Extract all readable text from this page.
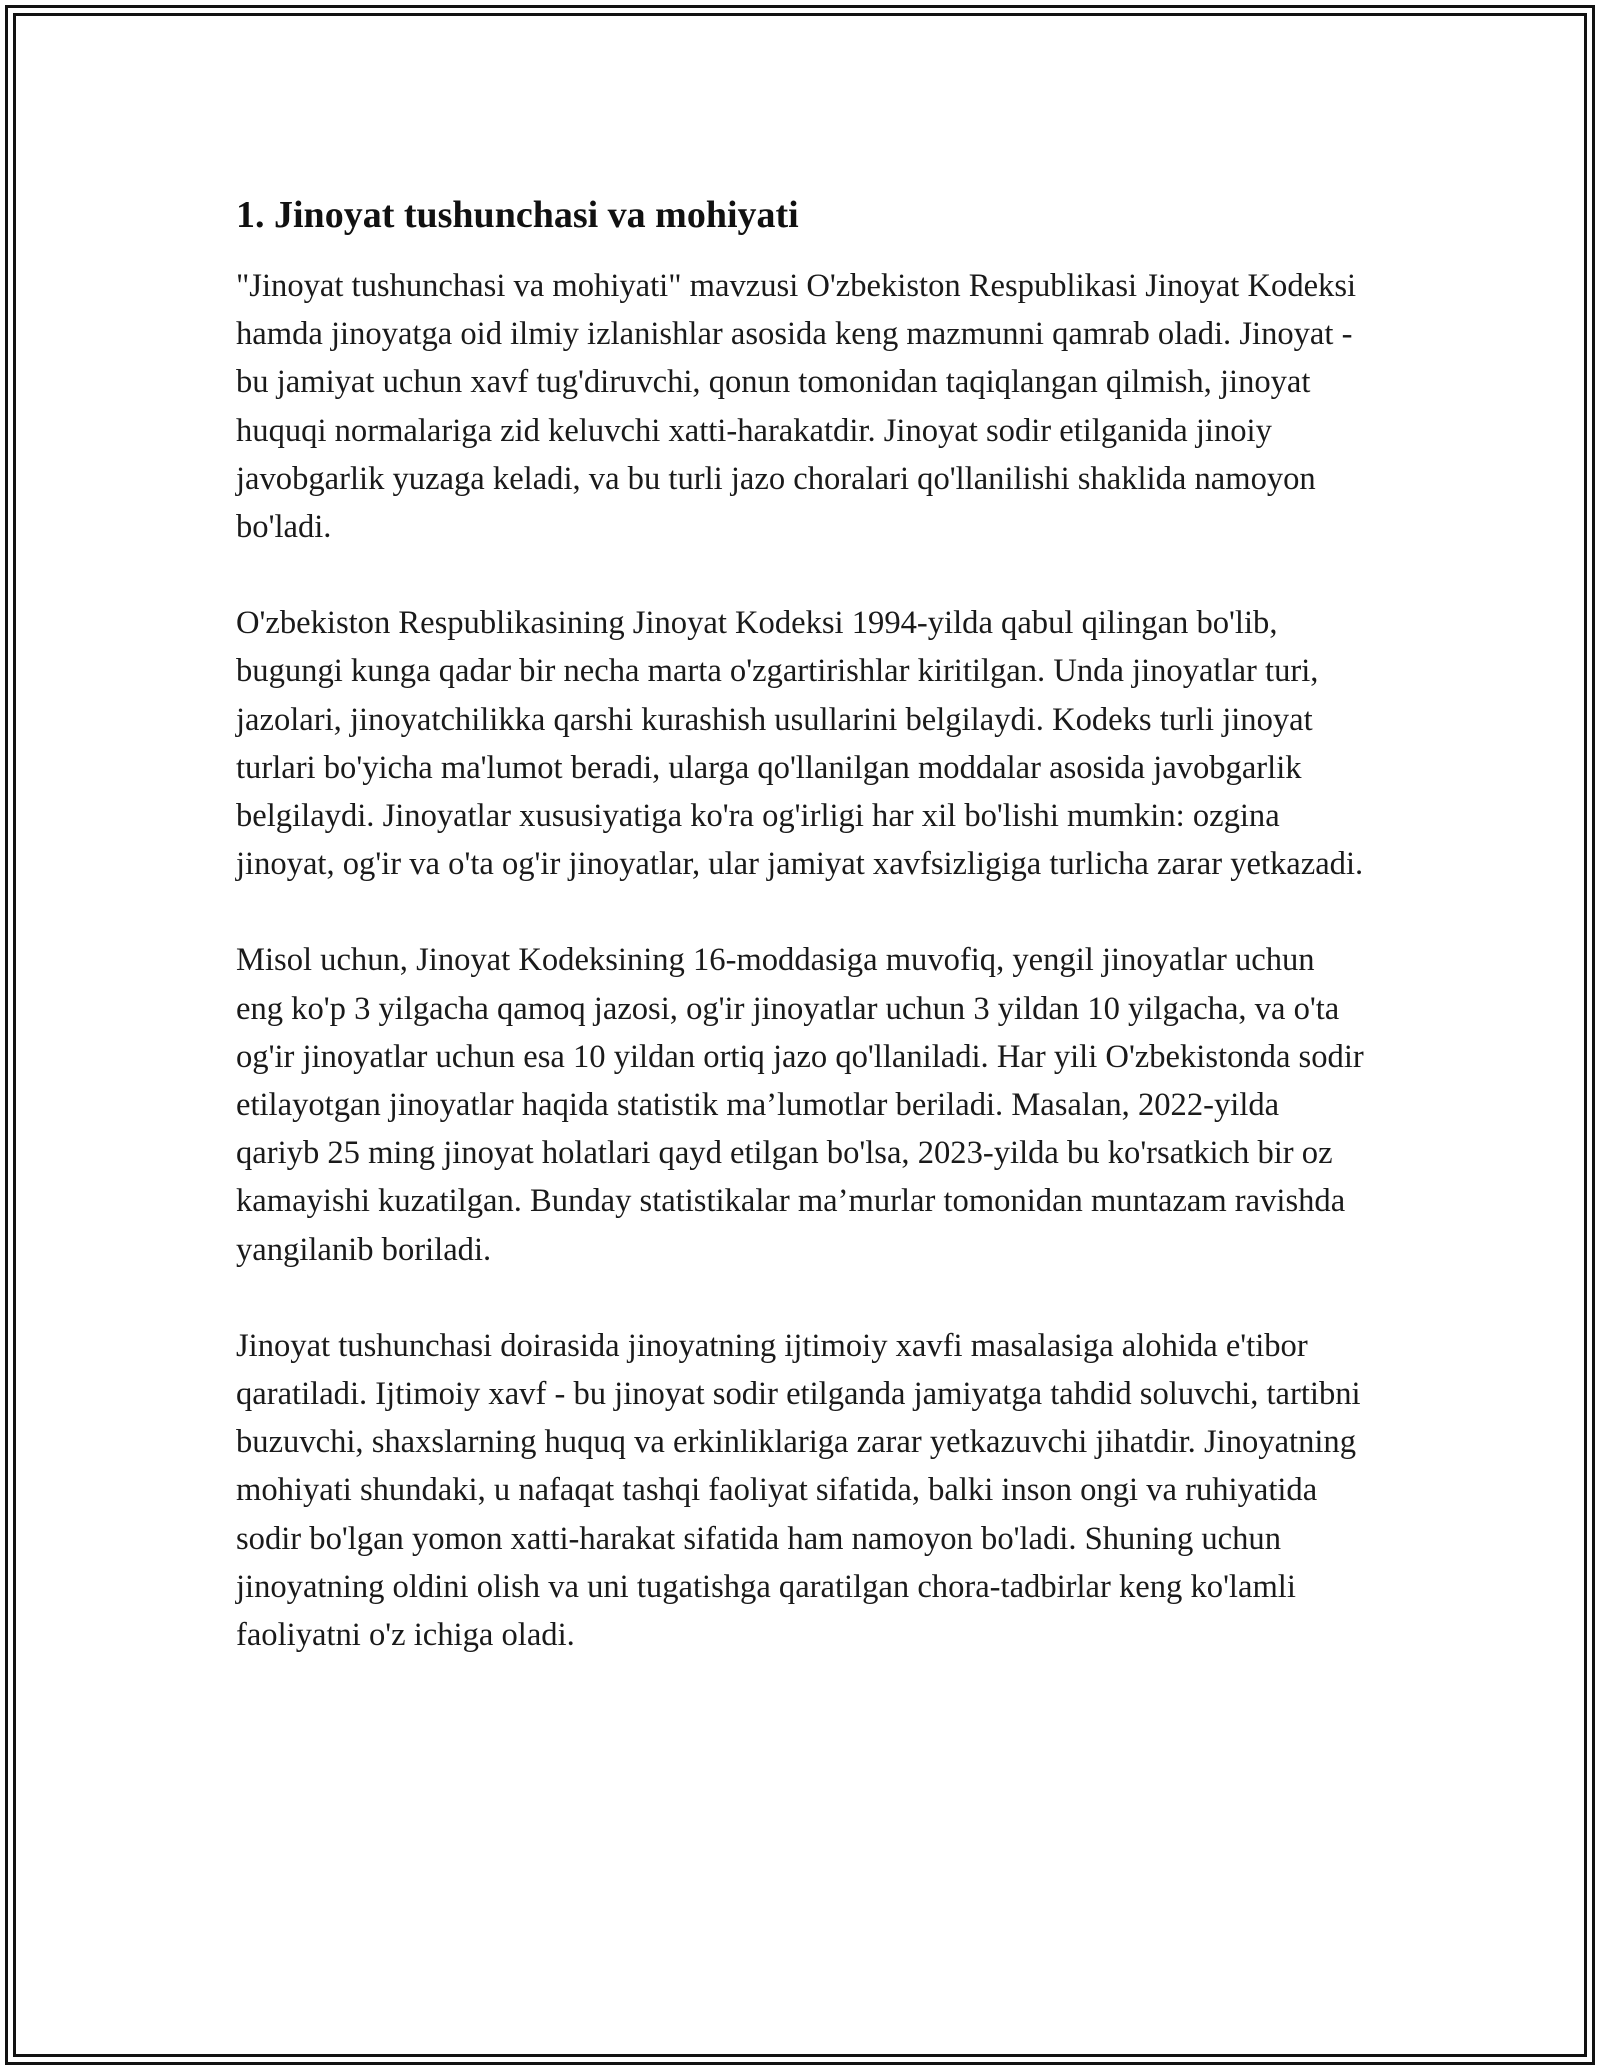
1. Jinoyat tushunchasi va mohiyati

"Jinoyat tushunchasi va mohiyati" mavzusi O'zbekiston Respublikasi Jinoyat Kodeksi hamda jinoyatga oid ilmiy izlanishlar asosida keng mazmunni qamrab oladi. Jinoyat - bu jamiyat uchun xavf tug'diruvchi, qonun tomonidan taqiqlangan qilmish, jinoyat huquqi normalariga zid keluvchi xatti-harakatdir. Jinoyat sodir etilganida jinoiy javobgarlik yuzaga keladi, va bu turli jazo choralari qo'llanilishi shaklida namoyon bo'ladi.

O'zbekiston Respublikasining Jinoyat Kodeksi 1994-yilda qabul qilingan bo'lib, bugungi kunga qadar bir necha marta o'zgartirishlar kiritilgan. Unda jinoyatlar turi, jazolari, jinoyatchilikka qarshi kurashish usullarini belgilaydi. Kodeks turli jinoyat turlari bo'yicha ma'lumot beradi, ularga qo'llanilgan moddalar asosida javobgarlik belgilaydi. Jinoyatlar xususiyatiga ko'ra og'irligi har xil bo'lishi mumkin: ozgina jinoyat, og'ir va o'ta og'ir jinoyatlar, ular jamiyat xavfsizligiga turlicha zarar yetkazadi.

Misol uchun, Jinoyat Kodeksining 16-moddasiga muvofiq, yengil jinoyatlar uchun eng ko'p 3 yilgacha qamoq jazosi, og'ir jinoyatlar uchun 3 yildan 10 yilgacha, va o'ta og'ir jinoyatlar uchun esa 10 yildan ortiq jazo qo'llaniladi. Har yili O'zbekistonda sodir etilayotgan jinoyatlar haqida statistik ma’lumotlar beriladi. Masalan, 2022-yilda qariyb 25 ming jinoyat holatlari qayd etilgan bo'lsa, 2023-yilda bu ko'rsatkich bir oz kamayishi kuzatilgan. Bunday statistikalar ma’murlar tomonidan muntazam ravishda yangilanib boriladi.

Jinoyat tushunchasi doirasida jinoyatning ijtimoiy xavfi masalasiga alohida e'tibor qaratiladi. Ijtimoiy xavf - bu jinoyat sodir etilganda jamiyatga tahdid soluvchi, tartibni buzuvchi, shaxslarning huquq va erkinliklariga zarar yetkazuvchi jihatdir. Jinoyatning mohiyati shundaki, u nafaqat tashqi faoliyat sifatida, balki inson ongi va ruhiyatida sodir bo'lgan yomon xatti-harakat sifatida ham namoyon bo'ladi. Shuning uchun jinoyatning oldini olish va uni tugatishga qaratilgan chora-tadbirlar keng ko'lamli faoliyatni o'z ichiga oladi.
